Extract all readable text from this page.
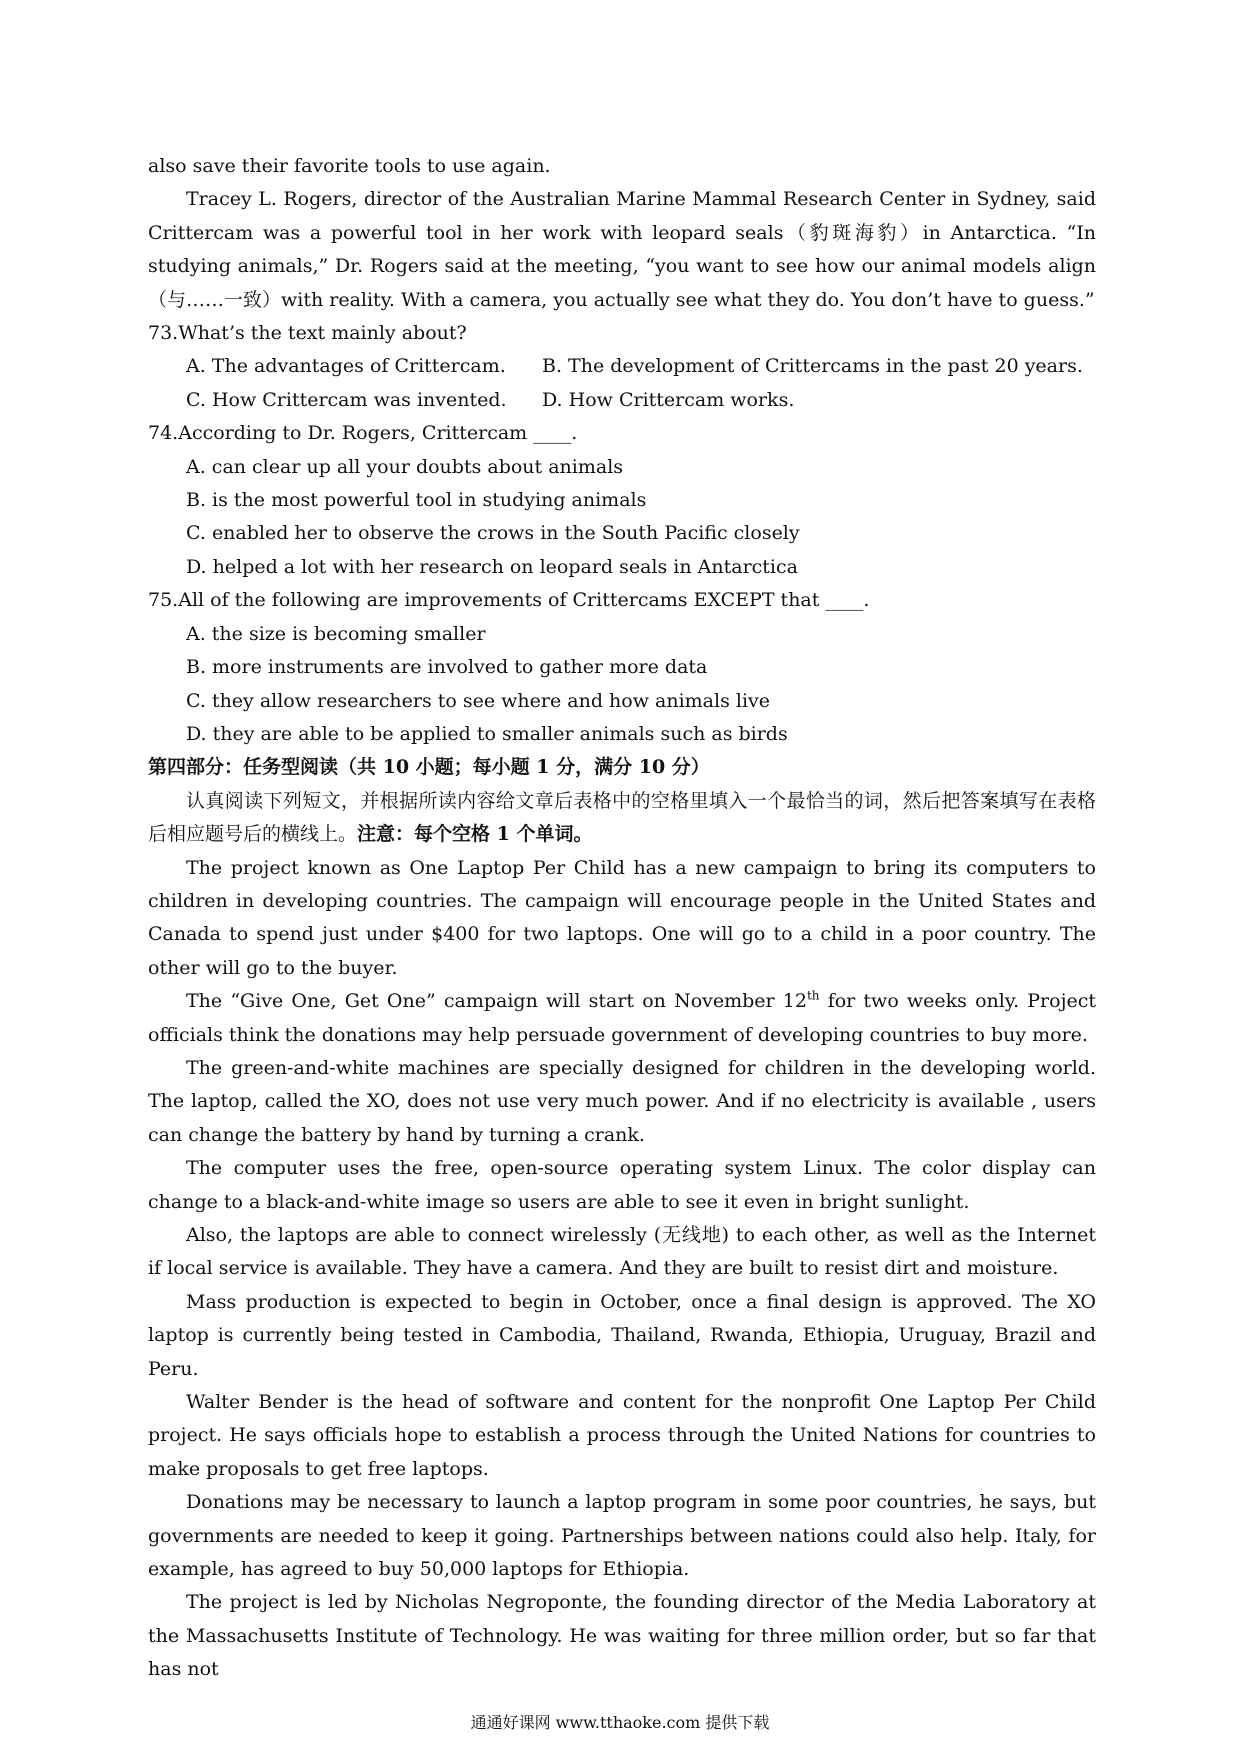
also save their favorite tools to use again.

Tracey L. Rogers, director of the Australian Marine Mammal Research Center in Sydney, said Crittercam was a powerful tool in her work with leopard seals（豹斑海豹）in Antarctica. “In studying animals,” Dr. Rogers said at the meeting, “you want to see how our animal models align（与……一致）with reality. With a camera, you actually see what they do. You don’t have to guess.”

73.What’s the text mainly about?

A. The advantages of Crittercam.	B. The development of Crittercams in the past 20 years.
C. How Crittercam was invented.	D. How Crittercam works.

74.According to Dr. Rogers, Crittercam ____.

A. can clear up all your doubts about animals

B. is the most powerful tool in studying animals

C. enabled her to observe the crows in the South Pacific closely

D. helped a lot with her research on leopard seals in Antarctica

75.All of the following are improvements of Crittercams EXCEPT that ____.

A. the size is becoming smaller

B. more instruments are involved to gather more data

C. they allow researchers to see where and how animals live

D. they are able to be applied to smaller animals such as birds

第四部分：任务型阅读（共 10 小题；每小题 1 分，满分 10 分）

认真阅读下列短文，并根据所读内容给文章后表格中的空格里填入一个最恰当的词，然后把答案填写在表格后相应题号后的横线上。注意：每个空格 1 个单词。

The project known as One Laptop Per Child has a new campaign to bring its computers to children in developing countries. The campaign will encourage people in the United States and Canada to spend just under $400 for two laptops. One will go to a child in a poor country. The other will go to the buyer.

The “Give One, Get One” campaign will start on November 12th for two weeks only. Project officials think the donations may help persuade government of developing countries to buy more.

The green-and-white machines are specially designed for children in the developing world. The laptop, called the XO, does not use very much power. And if no electricity is available , users can change the battery by hand by turning a crank.

The computer uses the free, open-source operating system Linux. The color display can change to a black-and-white image so users are able to see it even in bright sunlight.

Also, the laptops are able to connect wirelessly (无线地) to each other, as well as the Internet if local service is available. They have a camera. And they are built to resist dirt and moisture.

Mass production is expected to begin in October, once a final design is approved. The XO laptop is currently being tested in Cambodia, Thailand, Rwanda, Ethiopia, Uruguay, Brazil and Peru.

Walter Bender is the head of software and content for the nonprofit One Laptop Per Child project. He says officials hope to establish a process through the United Nations for countries to make proposals to get free laptops.

Donations may be necessary to launch a laptop program in some poor countries, he says, but governments are needed to keep it going. Partnerships between nations could also help. Italy, for example, has agreed to buy 50,000 laptops for Ethiopia.

The project is led by Nicholas Negroponte, the founding director of the Media Laboratory at the Massachusetts Institute of Technology. He was waiting for three million order, but so far that has not

通通好课网 www.tthaoke.com 提供下载
